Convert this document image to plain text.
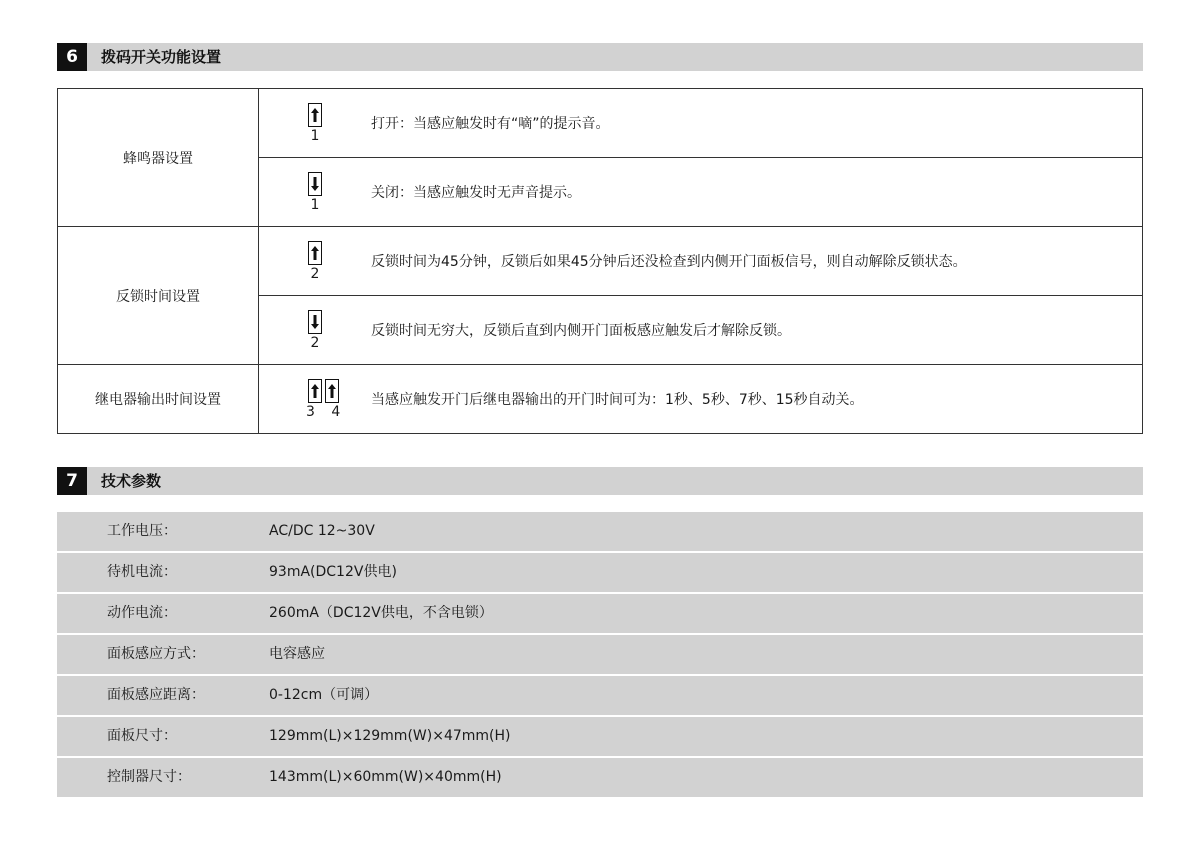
6	拨码开关功能设置
蜂鸣器设置	1	打开：当感应触发时有“嘀”的提示音。

	1	关闭：当感应触发时无声音提示。
反锁时间设置	2	反锁时间为45分钟，反锁后如果45分钟后还没检查到内侧开门面板信号，则自动解除反锁状态。

	2	反锁时间无穷大，反锁后直到内侧开门面板感应触发后才解除反锁。
继电器输出时间设置	3 4	当感应触发开门后继电器输出的开门时间可为：1秒、5秒、7秒、15秒自动关。
7	技术参数
工作电压：	AC/DC 12~30V
待机电流：	93mA(DC12V供电)
动作电流：	260mA（DC12V供电，不含电锁）
面板感应方式：	电容感应
面板感应距离：	0-12cm（可调）
面板尺寸：	129mm(L)×129mm(W)×47mm(H)
控制器尺寸：	143mm(L)×60mm(W)×40mm(H)
